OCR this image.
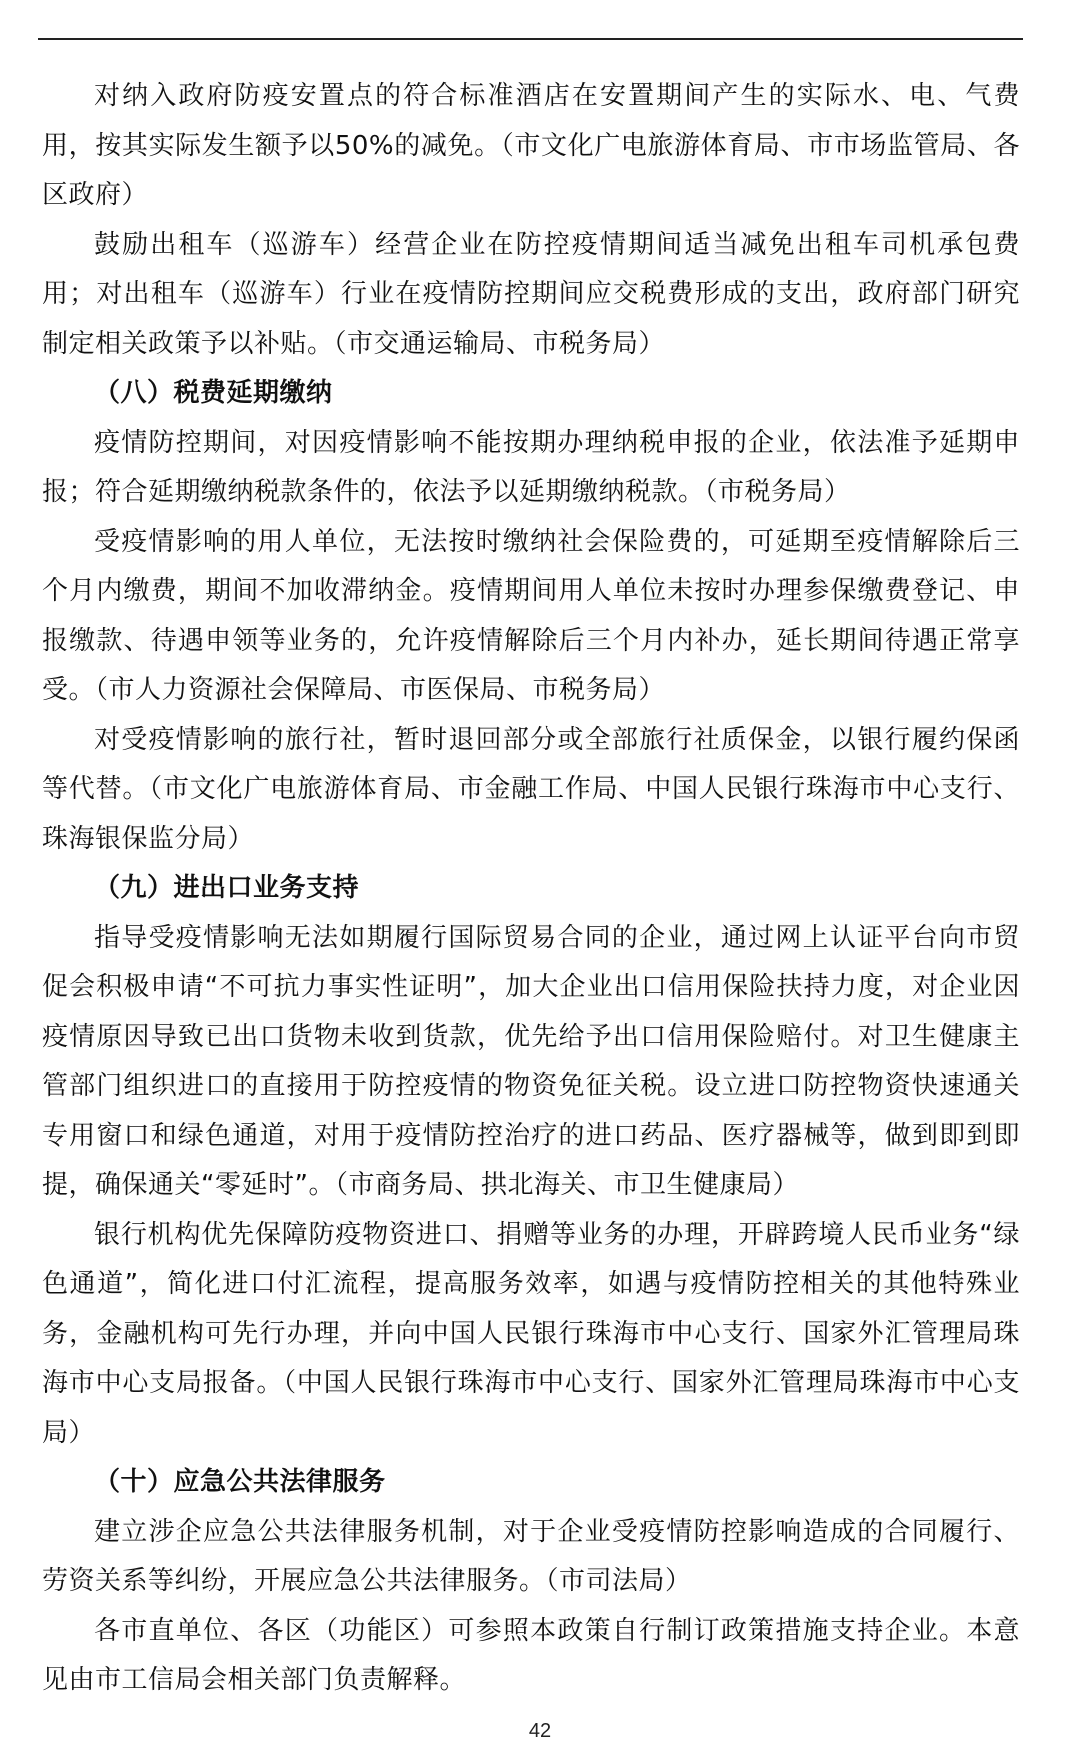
对纳入政府防疫安置点的符合标准酒店在安置期间产生的实际水、电、气费用，按其实际发生额予以50%的减免。（市文化广电旅游体育局、市市场监管局、各区政府）

鼓励出租车（巡游车）经营企业在防控疫情期间适当减免出租车司机承包费用；对出租车（巡游车）行业在疫情防控期间应交税费形成的支出，政府部门研究制定相关政策予以补贴。（市交通运输局、市税务局）

（八）税费延期缴纳

疫情防控期间，对因疫情影响不能按期办理纳税申报的企业，依法准予延期申报；符合延期缴纳税款条件的，依法予以延期缴纳税款。（市税务局）

受疫情影响的用人单位，无法按时缴纳社会保险费的，可延期至疫情解除后三个月内缴费，期间不加收滞纳金。疫情期间用人单位未按时办理参保缴费登记、申报缴款、待遇申领等业务的，允许疫情解除后三个月内补办，延长期间待遇正常享受。（市人力资源社会保障局、市医保局、市税务局）

对受疫情影响的旅行社，暂时退回部分或全部旅行社质保金，以银行履约保函等代替。（市文化广电旅游体育局、市金融工作局、中国人民银行珠海市中心支行、珠海银保监分局）

（九）进出口业务支持

指导受疫情影响无法如期履行国际贸易合同的企业，通过网上认证平台向市贸促会积极申请“不可抗力事实性证明”，加大企业出口信用保险扶持力度，对企业因疫情原因导致已出口货物未收到货款，优先给予出口信用保险赔付。对卫生健康主管部门组织进口的直接用于防控疫情的物资免征关税。设立进口防控物资快速通关专用窗口和绿色通道，对用于疫情防控治疗的进口药品、医疗器械等，做到即到即提，确保通关“零延时”。（市商务局、拱北海关、市卫生健康局）

银行机构优先保障防疫物资进口、捐赠等业务的办理，开辟跨境人民币业务“绿色通道”，简化进口付汇流程，提高服务效率，如遇与疫情防控相关的其他特殊业务，金融机构可先行办理，并向中国人民银行珠海市中心支行、国家外汇管理局珠海市中心支局报备。（中国人民银行珠海市中心支行、国家外汇管理局珠海市中心支局）

（十）应急公共法律服务

建立涉企应急公共法律服务机制，对于企业受疫情防控影响造成的合同履行、劳资关系等纠纷，开展应急公共法律服务。（市司法局）

各市直单位、各区（功能区）可参照本政策自行制订政策措施支持企业。本意见由市工信局会相关部门负责解释。

42
